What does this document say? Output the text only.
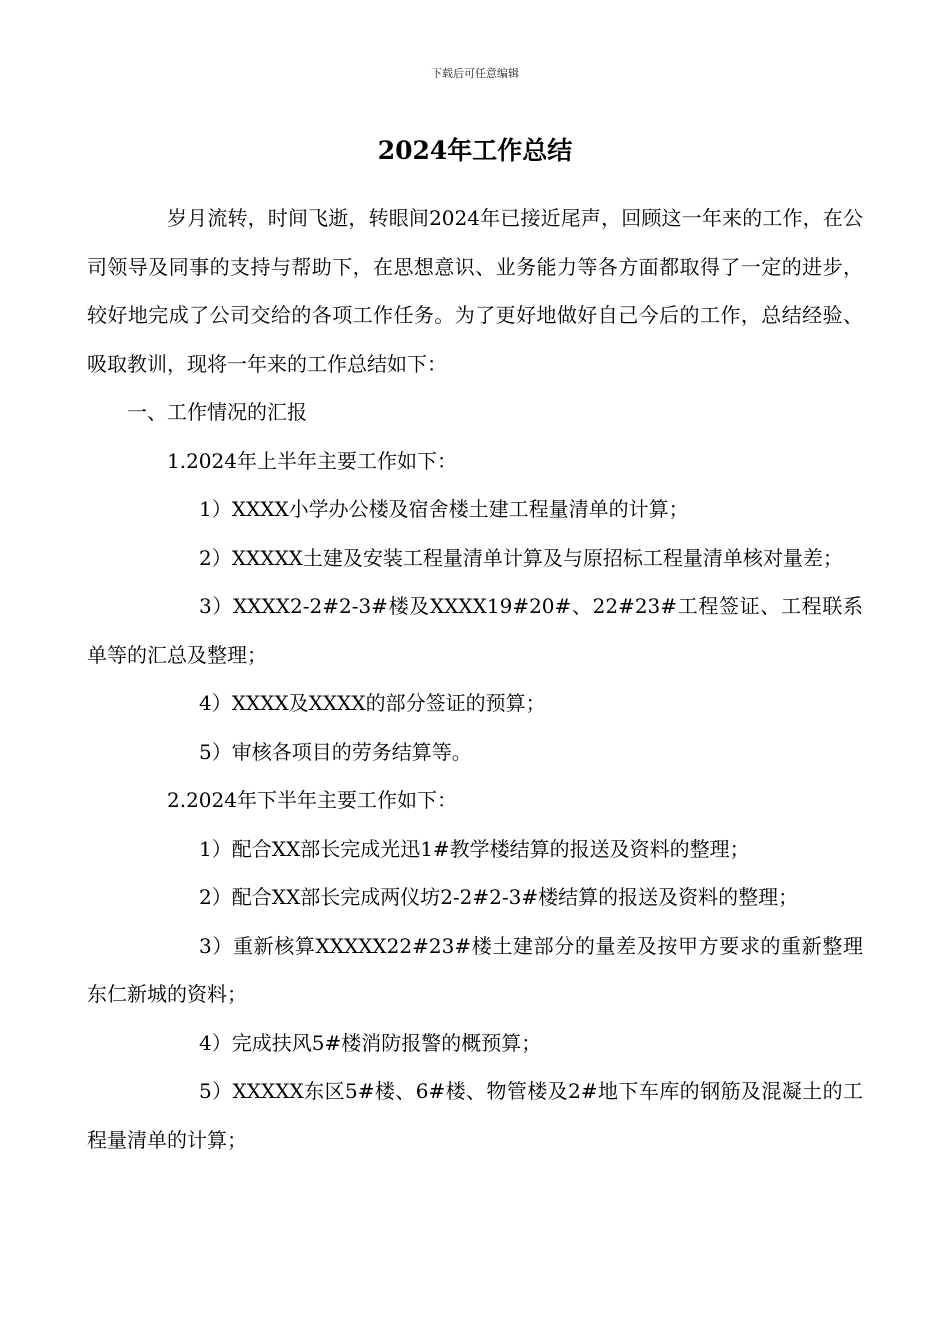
下载后可任意编辑
2024年工作总结

岁月流转，时间飞逝，转眼间2024年已接近尾声，回顾这一年来的工作，在公司领导及同事的支持与帮助下，在思想意识、业务能力等各方面都取得了一定的进步，较好地完成了公司交给的各项工作任务。为了更好地做好自己今后的工作，总结经验、吸取教训，现将一年来的工作总结如下：

一、工作情况的汇报

1.2024年上半年主要工作如下：

1）XXXX小学办公楼及宿舍楼土建工程量清单的计算；

2）XXXXX土建及安装工程量清单计算及与原招标工程量清单核对量差；

3）XXXX2-2#2-3#楼及XXXX19#20#、22#23#工程签证、工程联系单等的汇总及整理；

4）XXXX及XXXX的部分签证的预算；

5）审核各项目的劳务结算等。

2.2024年下半年主要工作如下：

1）配合XX部长完成光迅1#教学楼结算的报送及资料的整理；

2）配合XX部长完成两仪坊2-2#2-3#楼结算的报送及资料的整理；

3）重新核算XXXXX22#23#楼土建部分的量差及按甲方要求的重新整理东仁新城的资料；

4）完成扶风5#楼消防报警的概预算；

5）XXXXX东区5#楼、6#楼、物管楼及2#地下车库的钢筋及混凝土的工程量清单的计算；
